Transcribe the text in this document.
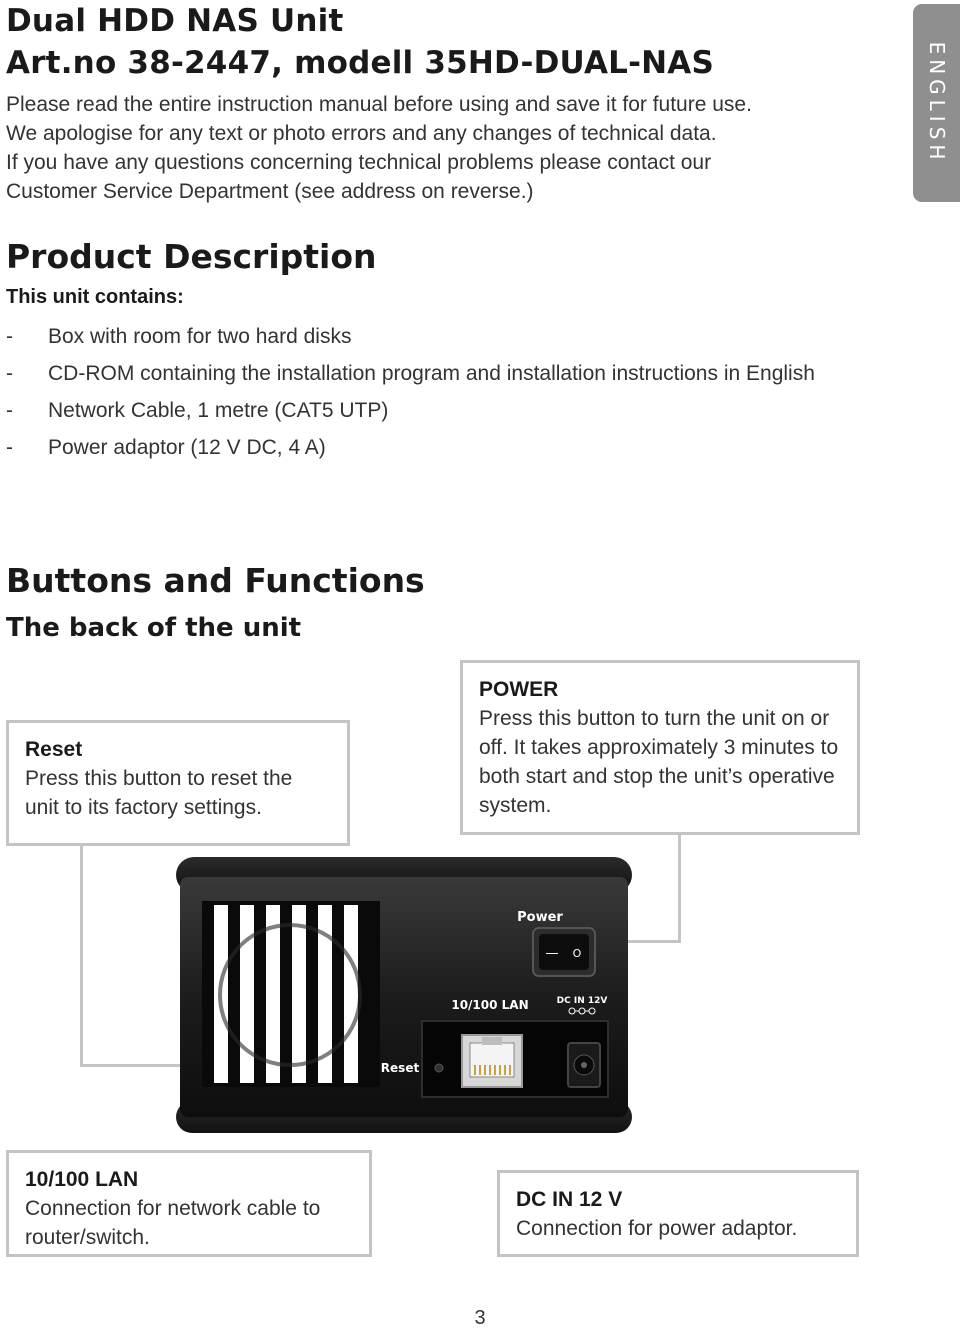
Dual HDD NAS Unit
Art.no 38-2447, modell 35HD-DUAL-NAS

Please read the entire instruction manual before using and save it for future use.

We apologise for any text or photo errors and any changes of technical data.

If you have any questions concerning technical problems please contact our

Customer Service Department (see address on reverse.)

ENGLISH
Product Description
This unit contains:
- Box with room for two hard disks
- CD-ROM containing the installation program and installation instructions in English
- Network Cable, 1 metre (CAT5 UTP)
- Power adaptor (12 V DC, 4 A)
Buttons and Functions
The back of the unit
Power
— O
10/100 LAN	DC IN 12V
Reset
Reset
Press this button to reset the unit to its factory settings.
POWER
Press this button to turn the unit on or off. It takes approximately 3 minutes to both start and stop the unit’s operative system.
10/100 LAN
Connection for network cable to router/switch.
DC IN 12 V
Connection for power adaptor.
3
